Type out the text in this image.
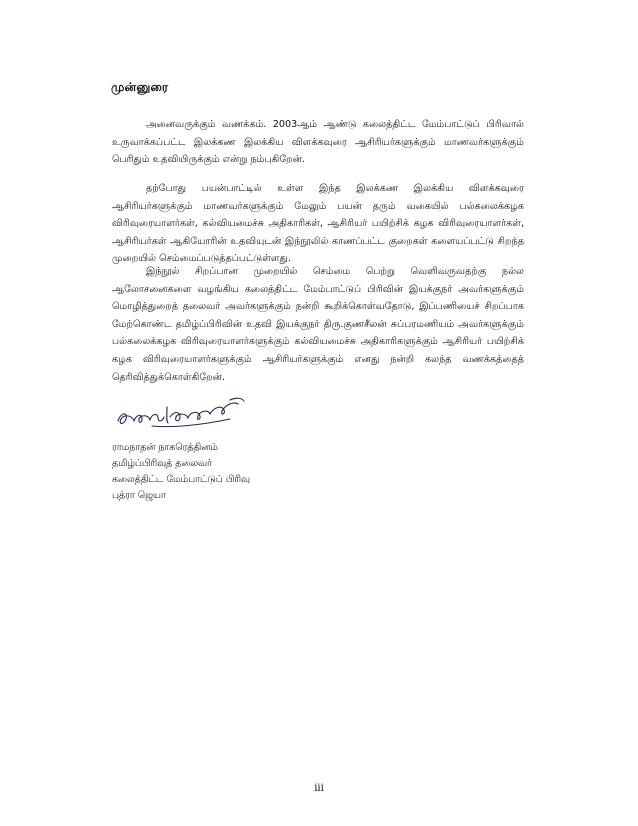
முன்னுரை

அனைவருக்கும் வணக்கம். 2003ஆம் ஆண்டு கலைத்திட்ட மேம்பாட்டுப் பிரிவால் உருவாக்கப்பட்ட இலக்கண இலக்கிய விளக்கவுரை ஆசிரியர்களுக்கும் மாணவர்களுக்கும் பெரிதும் உதவியிருக்கும் என்று நம்புகிறேன்.

தற்போது பயன்பாட்டில் உள்ள இந்த இலக்கண இலக்கிய விளக்கவுரை ஆசிரியர்களுக்கும் மாணவர்களுக்கும் மேலும் பயன் தரும் வகையில் பல்கலைக்கழக விரிவுரையாளர்கள், கல்வியமைச்சு அதிகாரிகள், ஆசிரியர் பயிற்சிக் கழக விரிவுரையாளர்கள், ஆசிரியர்கள் ஆகியோரின் உதவியுடன் இந்நூலில் காணப்பட்ட குறைகள் களையப்பட்டு சிறந்த முறையில் செம்மைப்படுத்தப்பட்டுள்ளது.

இந்நூல் சிறப்பான முறையில் செம்மை பெற்று வெளிவருவதற்கு நல்ல ஆலோசனைகளை வழங்கிய கலைத்திட்ட மேம்பாட்டுப் பிரிவின் இயக்குநர் அவர்களுக்கும் மொழித்துறைத் தலைவர் அவர்களுக்கும் நன்றி கூறிக்கொள்வதோடு, இப்பணியைச் சிறப்பாக மேற்கொண்ட தமிழ்ப்பிரிவின் உதவி இயக்குநர் திரு.குணசீலன் சுப்பரமணியம் அவர்களுக்கும் பல்கலைக்கழக விரிவுரையாளர்களுக்கும் கல்வியமைச்சு அதிகாரிகளுக்கும் ஆசிரியர் பயிற்சிக் கழக விரிவுரையாளர்களுக்கும் ஆசிரியர்களுக்கும் எனது நன்றி கலந்த வணக்கத்தைத் தெரிவித்துக்கொள்கிறேன்.

ராமநாதன் நாகரெத்தினம்
தமிழ்ப்பிரிவுத் தலைவர்
கலைத்திட்ட மேம்பாட்டுப் பிரிவு
புத்ரா ஜெயா
iii
